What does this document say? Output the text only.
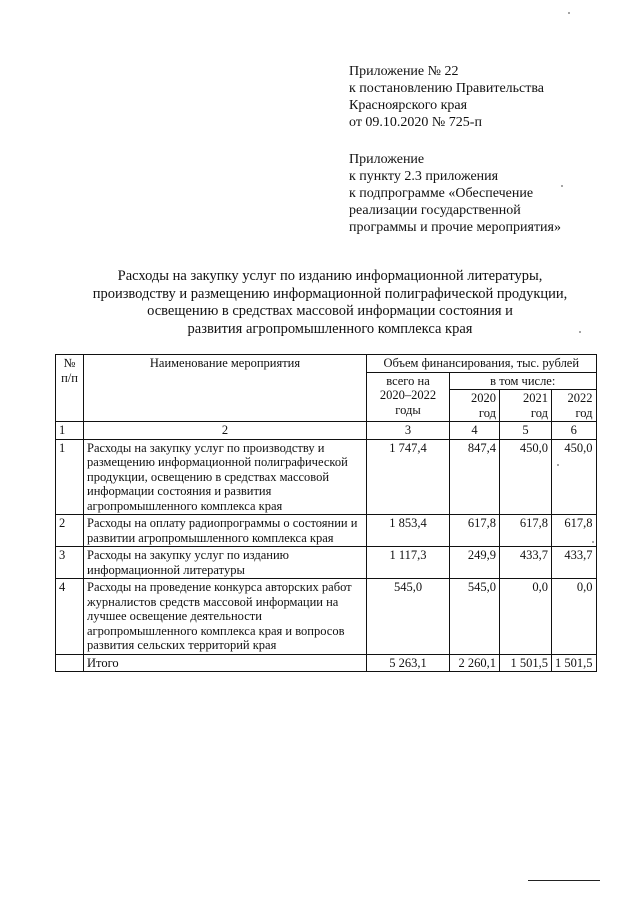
Приложение № 22
к постановлению Правительства
Красноярского края
от 09.10.2020 № 725-п
Приложение
к пункту 2.3 приложения
к подпрограмме «Обеспечение
реализации государственной
программы и прочие мероприятия»
Расходы на закупку услуг по изданию информационной литературы,
производству и размещению информационной полиграфической продукции,
освещению в средствах массовой информации состояния и
развития агропромышленного комплекса края
№ п/п	Наименование мероприятия	Объем финансирования, тыс. рублей			
		всего на 2020–2022 годы	в том числе:		
			2020 год	2021 год	2022 год
1	2	3	4	5	6
1	Расходы на закупку услуг по производству и размещению информационной полиграфической продукции, освещению в средствах массовой информации состояния и развития агропромышленного комплекса края	1 747,4	847,4	450,0	450,0
2	Расходы на оплату радиопрограммы о состоянии и развитии агропромышленного комплекса края	1 853,4	617,8	617,8	617,8
3	Расходы на закупку услуг по изданию информационной литературы	1 117,3	249,9	433,7	433,7
4	Расходы на проведение конкурса авторских работ журналистов средств массовой информации на лучшее освещение деятельности агропромышленного комплекса края и вопросов развития сельских территорий края	545,0	545,0	0,0	0,0
	Итого	5 263,1	2 260,1	1 501,5	1 501,5
